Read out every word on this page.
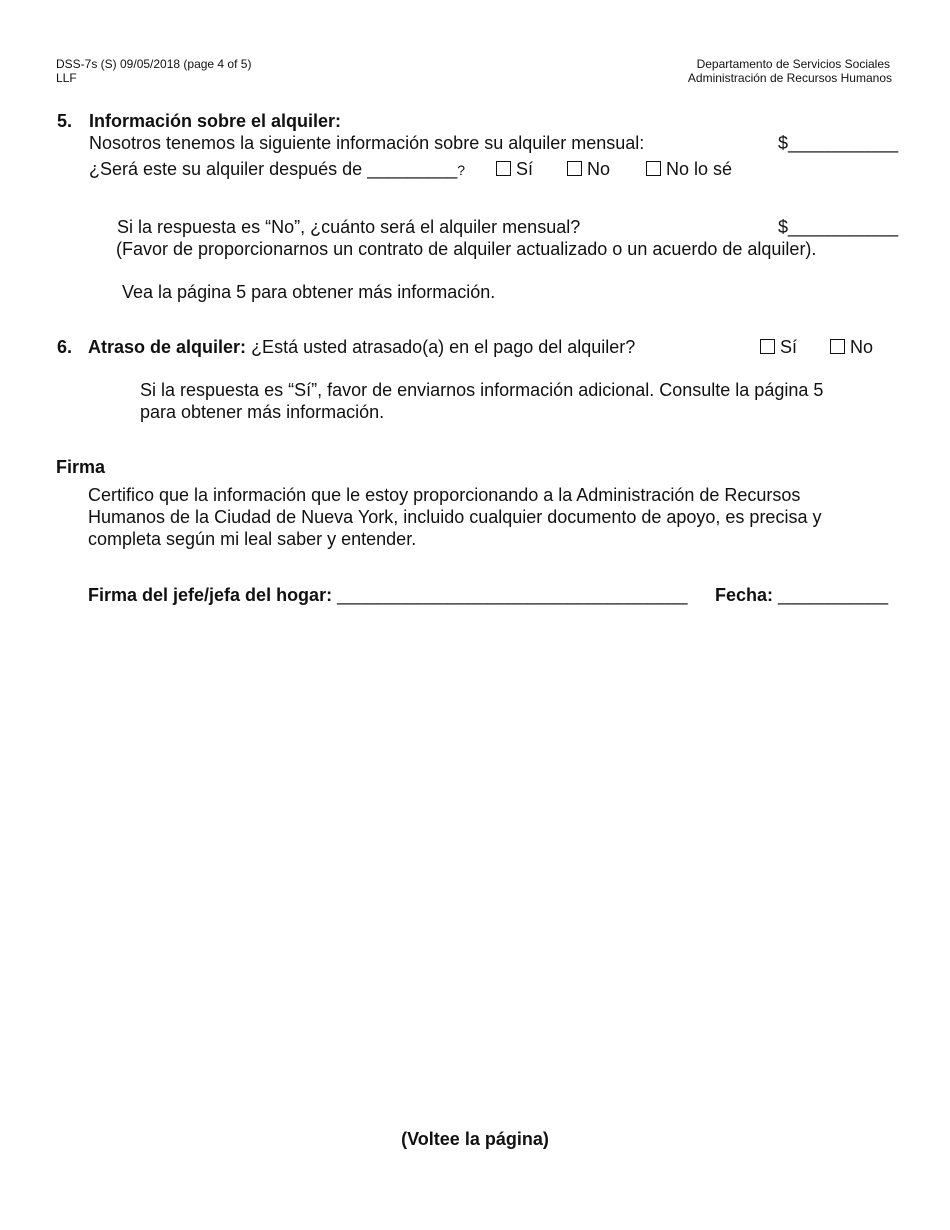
DSS-7s (S) 09/05/2018 (page 4 of 5)
LLF
Departamento de Servicios Sociales
Administración de Recursos Humanos
5. Información sobre el alquiler:
Nosotros tenemos la siguiente información sobre su alquiler mensual:	$___________
¿Será este su alquiler después de _________?	Sí	No	No lo sé
Si la respuesta es “No”, ¿cuánto será el alquiler mensual?	$___________
(Favor de proporcionarnos un contrato de alquiler actualizado o un acuerdo de alquiler).
Vea la página 5 para obtener más información.
6. Atraso de alquiler: ¿Está usted atrasado(a) en el pago del alquiler?	Sí	No
Si la respuesta es “Sí”, favor de enviarnos información adicional. Consulte la página 5
para obtener más información.
Firma
Certifico que la información que le estoy proporcionando a la Administración de Recursos
Humanos de la Ciudad de Nueva York, incluido cualquier documento de apoyo, es precisa y
completa según mi leal saber y entender.
Firma del jefe/jefa del hogar: ___________________________________ Fecha: ___________
(Voltee la página)
